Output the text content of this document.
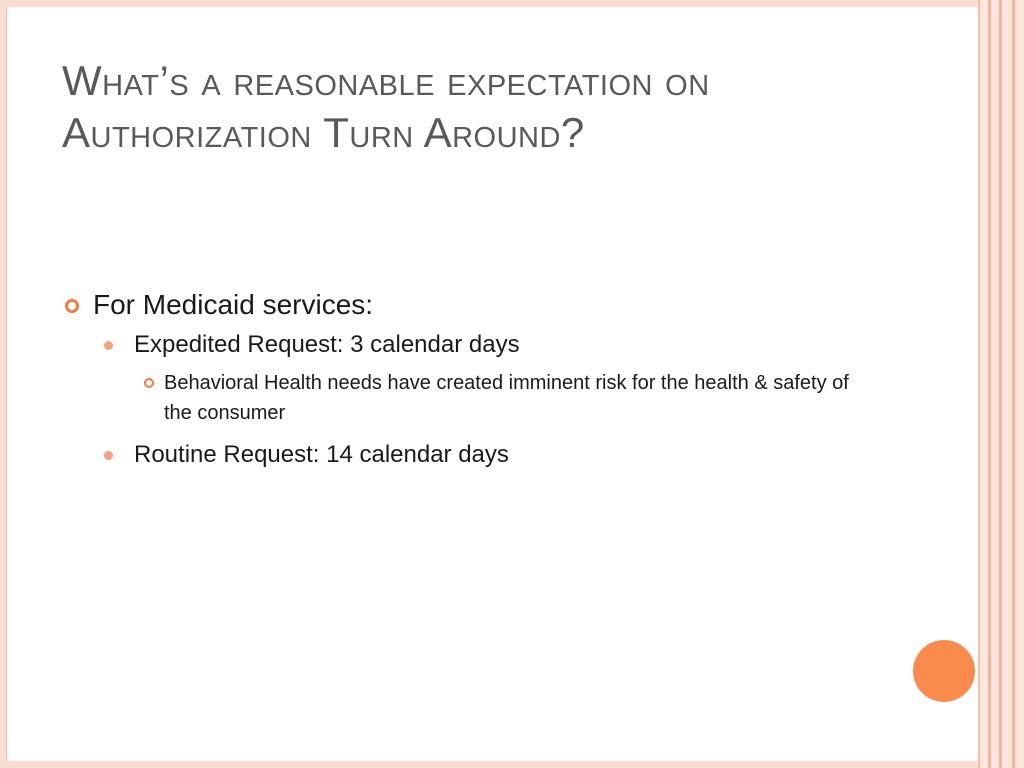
What’s a reasonable expectation on
Authorization Turn Around?
For Medicaid services:
Expedited Request: 3 calendar days
Behavioral Health needs have created imminent risk for the health & safety of the consumer
Routine Request: 14 calendar days
